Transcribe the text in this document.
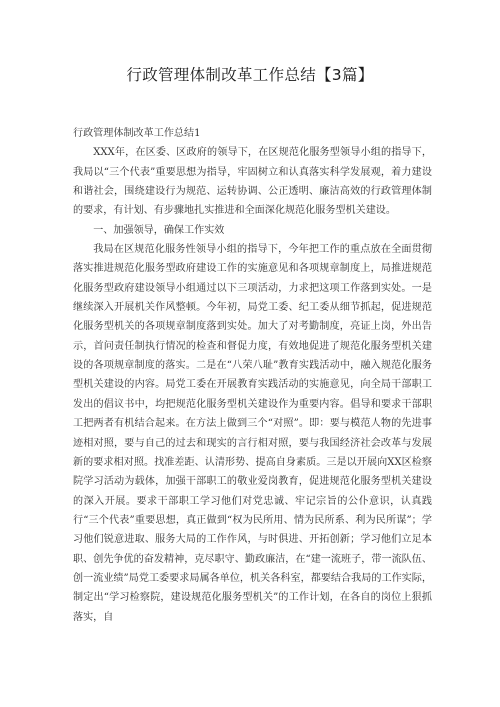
行政管理体制改革工作总结【3篇】

行政管理体制改革工作总结1

XXX年，在区委、区政府的领导下，在区规范化服务型领导小组的指导下，我局以“三个代表”重要思想为指导，牢固树立和认真落实科学发展观，着力建设和谐社会，围绕建设行为规范、运转协调、公正透明、廉洁高效的行政管理体制的要求，有计划、有步骤地扎实推进和全面深化规范化服务型机关建设。

一、加强领导，确保工作实效

我局在区规范化服务性领导小组的指导下，今年把工作的重点放在全面贯彻落实推进规范化服务型政府建设工作的实施意见和各项规章制度上，局推进规范化服务型政府建设领导小组通过以下三项活动，力求把这项工作落到实处。一是继续深入开展机关作风整顿。今年初，局党工委、纪工委从细节抓起，促进规范化服务型机关的各项规章制度落到实处。加大了对考勤制度，亮证上岗，外出告示，首问责任制执行情况的检查和督促力度，有效地促进了规范化服务型机关建设的各项规章制度的落实。二是在“八荣八耻”教育实践活动中，融入规范化服务型机关建设的内容。局党工委在开展教育实践活动的实施意见，向全局干部职工发出的倡议书中，均把规范化服务型机关建设作为重要内容。倡导和要求干部职工把两者有机结合起来。在方法上做到三个“对照”。即：要与模范人物的先进事迹相对照，要与自己的过去和现实的言行相对照，要与我国经济社会改革与发展新的要求相对照。找准差距、认清形势、提高自身素质。三是以开展向XX区检察院学习活动为载体，加强干部职工的敬业爱岗教育，促进规范化服务型机关建设的深入开展。要求干部职工学习他们对党忠诚、牢记宗旨的公仆意识，认真践行“三个代表”重要思想，真正做到“权为民所用、情为民所系、利为民所谋”；学习他们锐意进取、服务大局的工作作风，与时俱进、开拓创新；学习他们立足本职、创先争优的奋发精神，克尽职守、勤政廉洁，在“建一流班子，带一流队伍、创一流业绩”局党工委要求局属各单位，机关各科室，都要结合我局的工作实际，制定出“学习检察院，建设规范化服务型机关”的工作计划，在各自的岗位上狠抓落实，自
